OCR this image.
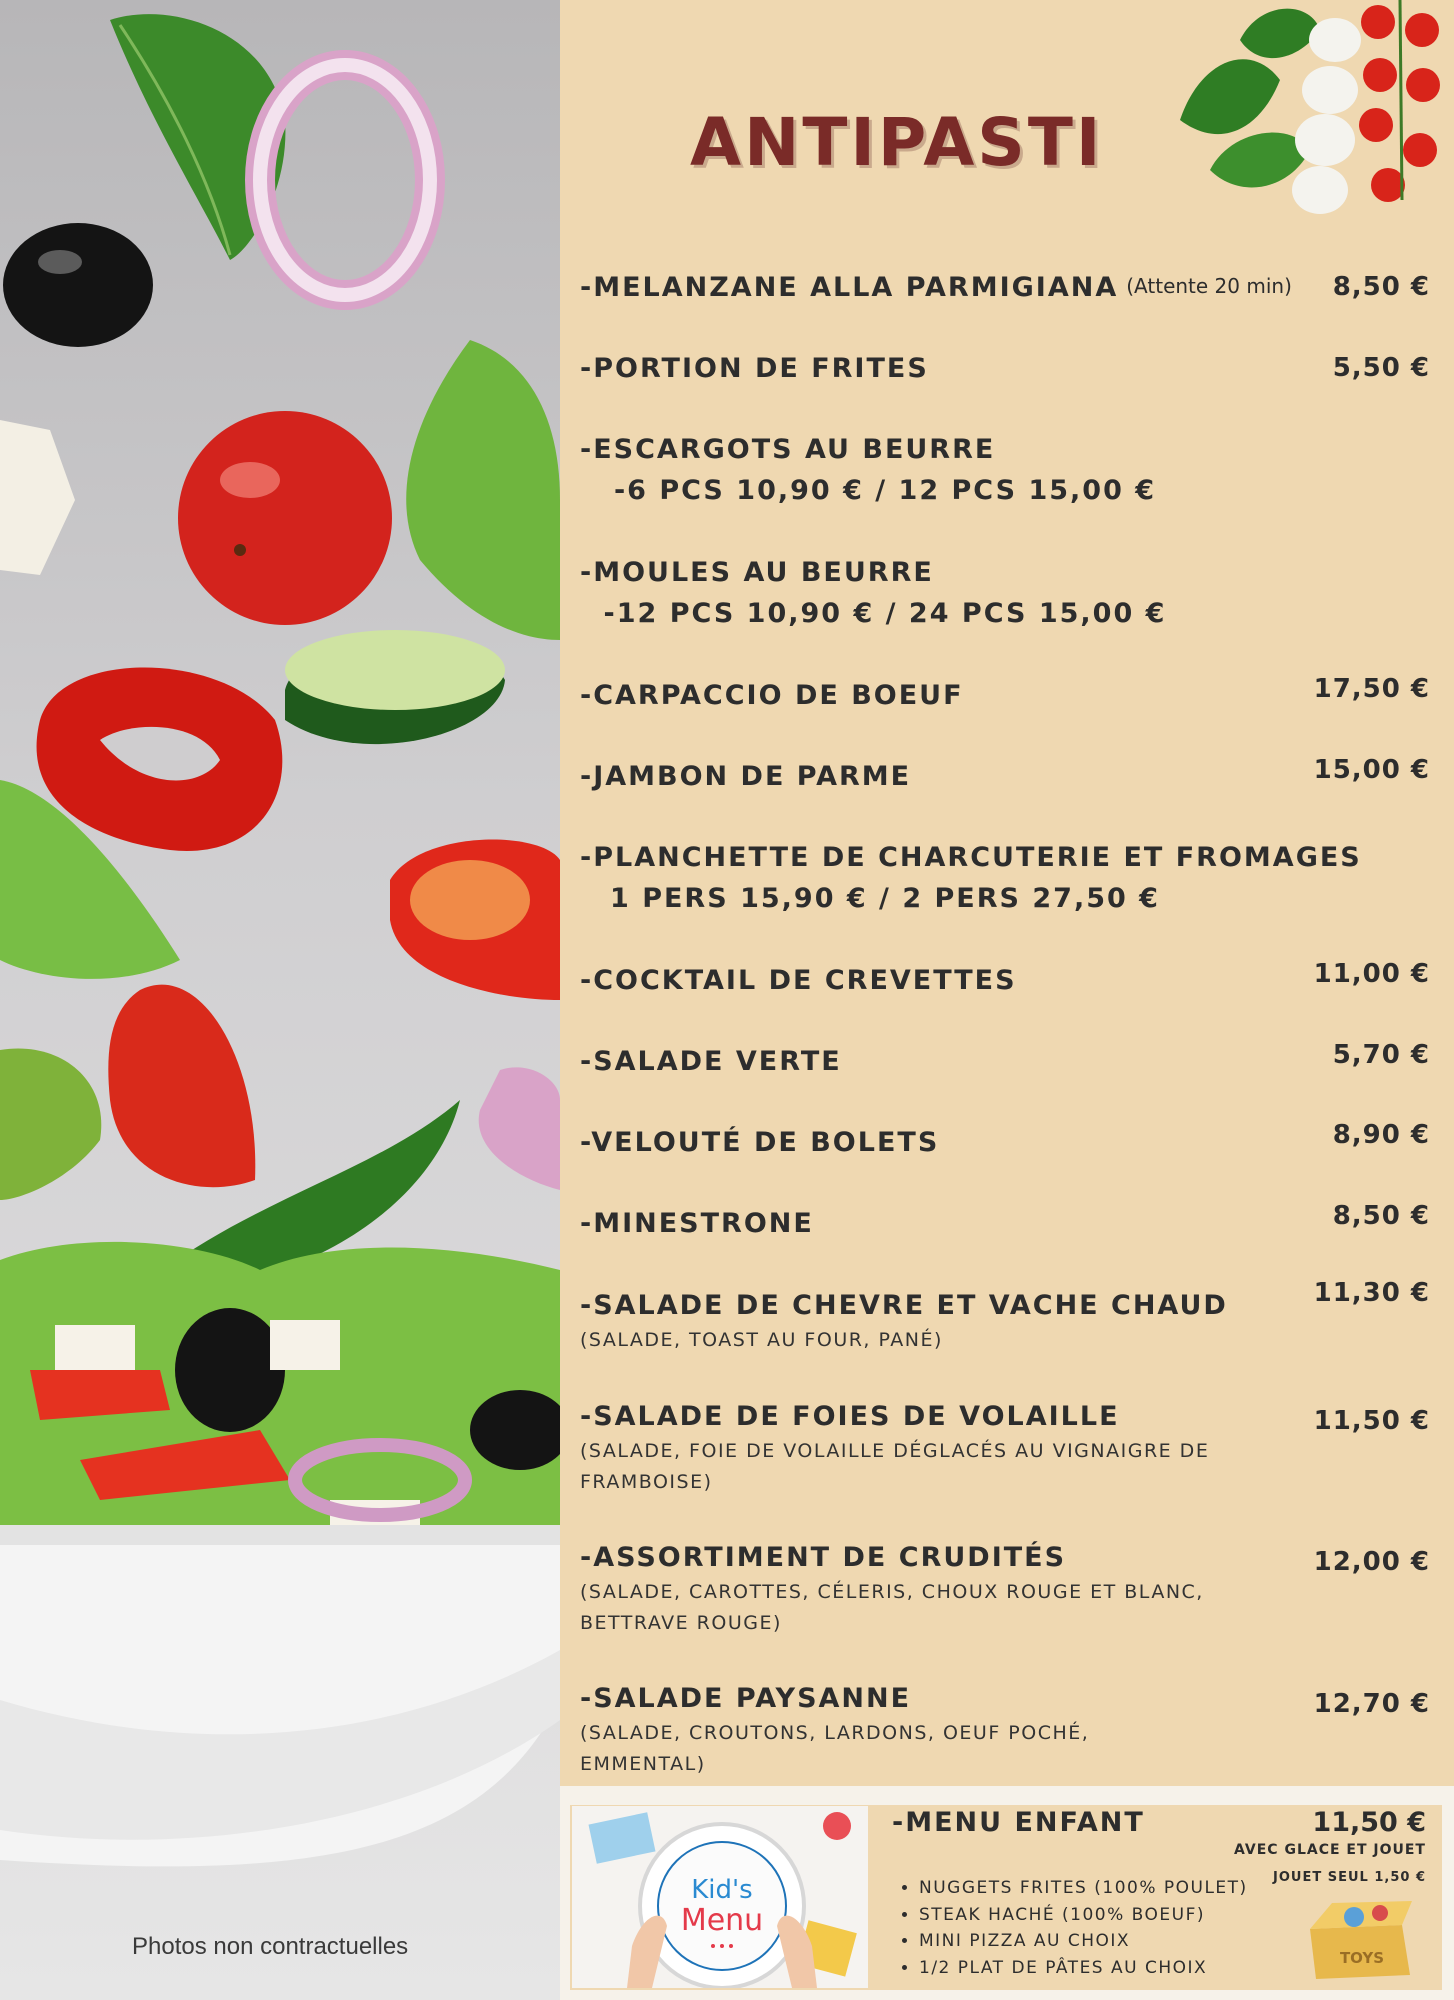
Photos non contractuelles
ANTIPASTI
-MELANZANE ALLA PARMIGIANA (Attente 20 min)	8,50 €
-PORTION DE FRITES	5,50 €
-ESCARGOTS AU BEURRE
-6 PCS 10,90 € / 12 PCS 15,00 €
-MOULES AU BEURRE
-12 PCS 10,90 € / 24 PCS 15,00 €
-CARPACCIO DE BOEUF	17,50 €
-JAMBON DE PARME	15,00 €
-PLANCHETTE DE CHARCUTERIE ET FROMAGES
1 PERS 15,90 € / 2 PERS 27,50 €
-COCKTAIL DE CREVETTES	11,00 €
-SALADE VERTE	5,70 €
-VELOUTÉ DE BOLETS	8,90 €
-MINESTRONE	8,50 €
-SALADE DE CHEVRE ET VACHE CHAUD
(SALADE, TOAST AU FOUR, PANÉ)
11,30 €
-SALADE DE FOIES DE VOLAILLE
(SALADE, FOIE DE VOLAILLE DÉGLACÉS AU VIGNAIGRE DE FRAMBOISE)
11,50 €
-ASSORTIMENT DE CRUDITÉS
(SALADE, CAROTTES, CÉLERIS, CHOUX ROUGE ET BLANC, BETTRAVE ROUGE)
12,00 €
-SALADE PAYSANNE
(SALADE, CROUTONS, LARDONS, OEUF POCHÉ, EMMENTAL)
12,70 €
Kid's
Menu
-MENU ENFANT	11,50 €
AVEC GLACE ET JOUET
JOUET SEUL 1,50 €
• NUGGETS FRITES (100% POULET)
• STEAK HACHÉ (100% BOEUF)
• MINI PIZZA AU CHOIX
• 1/2 PLAT DE PÂTES AU CHOIX	TOYS
